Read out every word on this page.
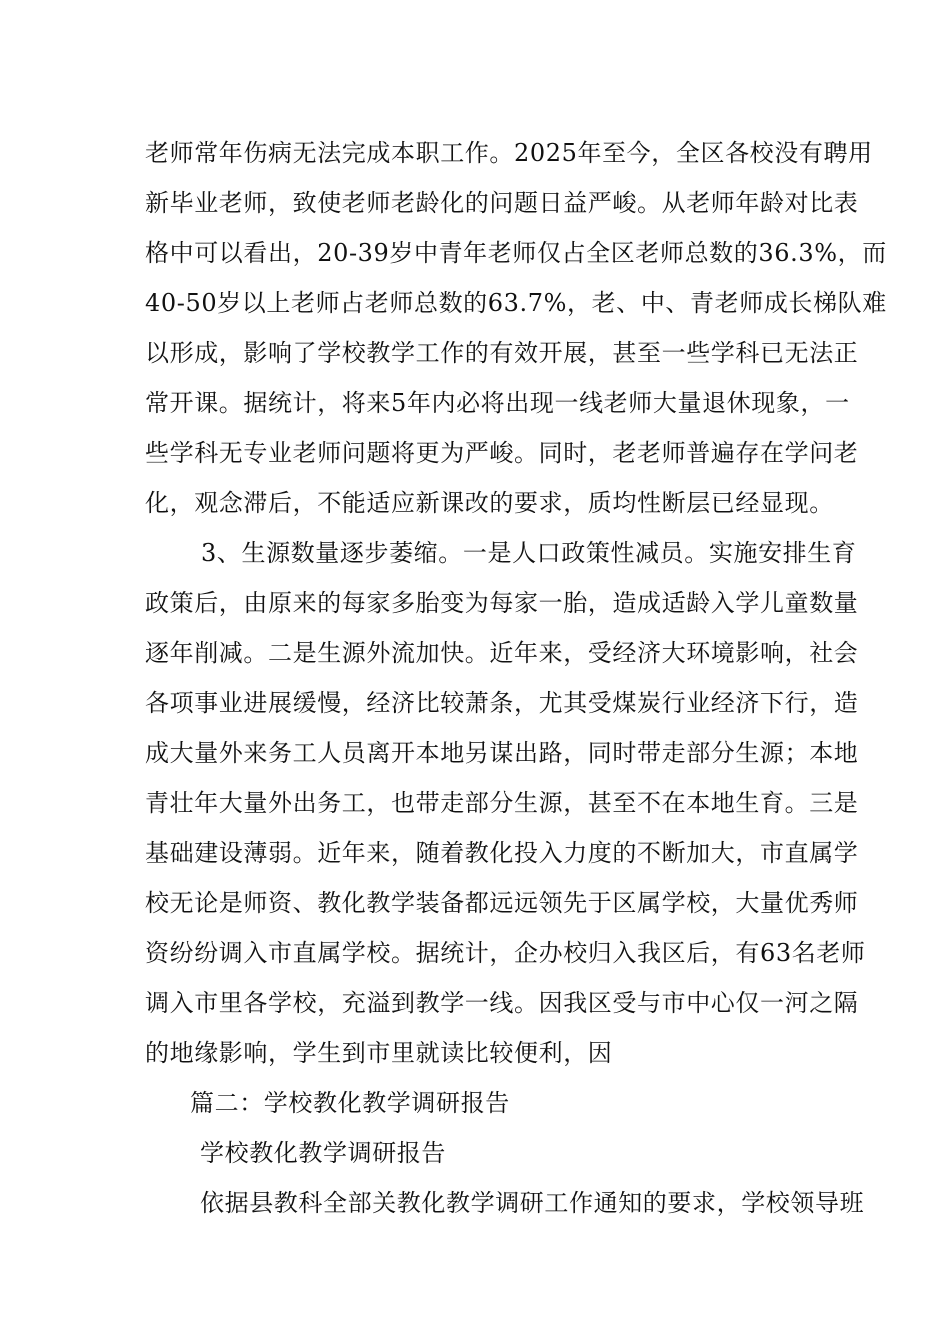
老师常年伤病无法完成本职工作。2025年至今，全区各校没有聘用
新毕业老师，致使老师老龄化的问题日益严峻。从老师年龄对比表
格中可以看出，20-39岁中青年老师仅占全区老师总数的36.3%，而
40-50岁以上老师占老师总数的63.7%，老、中、青老师成长梯队难
以形成，影响了学校教学工作的有效开展，甚至一些学科已无法正
常开课。据统计，将来5年内必将出现一线老师大量退休现象，一
些学科无专业老师问题将更为严峻。同时，老老师普遍存在学问老
化，观念滞后，不能适应新课改的要求，质均性断层已经显现。
3、生源数量逐步萎缩。一是人口政策性减员。实施安排生育
政策后，由原来的每家多胎变为每家一胎，造成适龄入学儿童数量
逐年削减。二是生源外流加快。近年来，受经济大环境影响，社会
各项事业进展缓慢，经济比较萧条，尤其受煤炭行业经济下行，造
成大量外来务工人员离开本地另谋出路，同时带走部分生源；本地
青壮年大量外出务工，也带走部分生源，甚至不在本地生育。三是
基础建设薄弱。近年来，随着教化投入力度的不断加大，市直属学
校无论是师资、教化教学装备都远远领先于区属学校，大量优秀师
资纷纷调入市直属学校。据统计，企办校归入我区后，有63名老师
调入市里各学校，充溢到教学一线。因我区受与市中心仅一河之隔
的地缘影响，学生到市里就读比较便利，因
篇二：学校教化教学调研报告
学校教化教学调研报告
依据县教科全部关教化教学调研工作通知的要求，学校领导班
